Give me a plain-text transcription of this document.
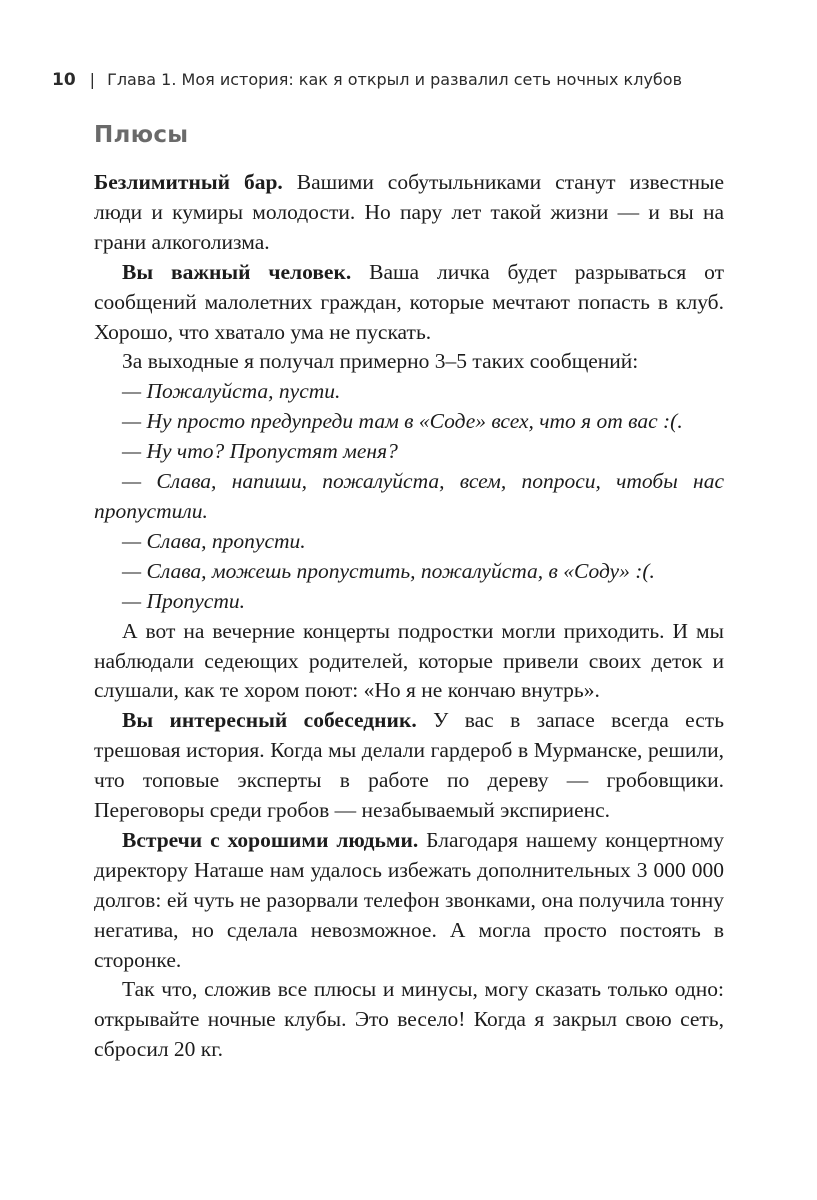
10 | Глава 1. Моя история: как я открыл и развалил сеть ночных клубов
Плюсы

Безлимитный бар. Вашими собутыльниками станут известные люди и кумиры молодости. Но пару лет такой жизни — и вы на грани алкоголизма.

Вы важный человек. Ваша личка будет разрываться от сообщений малолетних граждан, которые мечтают попасть в клуб. Хорошо, что хватало ума не пускать.

За выходные я получал примерно 3–5 таких сообщений:

— Пожалуйста, пусти.

— Ну просто предупреди там в «Соде» всех, что я от вас :(.

— Ну что? Пропустят меня?

— Слава, напиши, пожалуйста, всем, попроси, чтобы нас пропустили.

— Слава, пропусти.

— Слава, можешь пропустить, пожалуйста, в «Соду» :(.

— Пропусти.

А вот на вечерние концерты подростки могли приходить. И мы наблюдали седеющих родителей, которые привели своих деток и слушали, как те хором поют: «Но я не кончаю внутрь».

Вы интересный собеседник. У вас в запасе всегда есть трешовая история. Когда мы делали гардероб в Мурманске, решили, что топовые эксперты в работе по дереву — гробовщики. Переговоры среди гробов — незабываемый экспириенс.

Встречи с хорошими людьми. Благодаря нашему концертному директору Наташе нам удалось избежать дополнительных 3 000 000 долгов: ей чуть не разорвали телефон звонками, она получила тонну негатива, но сделала невозможное. А могла просто постоять в сторонке.

Так что, сложив все плюсы и минусы, могу сказать только одно: открывайте ночные клубы. Это весело! Когда я закрыл свою сеть, сбросил 20 кг.
